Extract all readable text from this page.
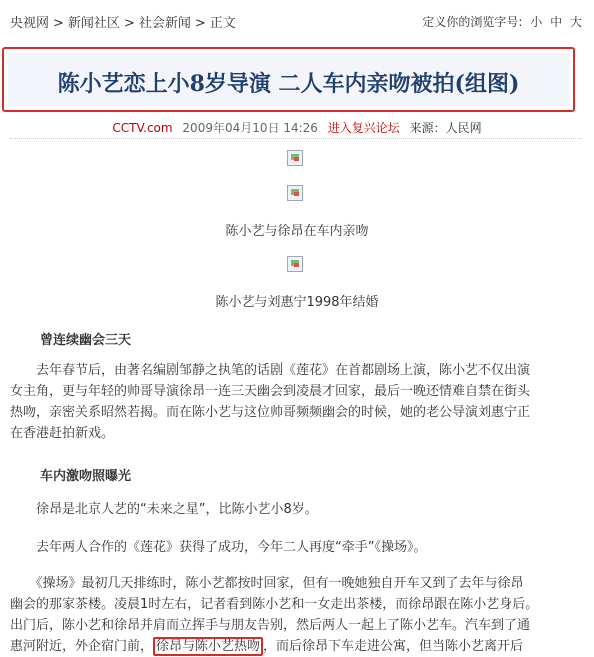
央视网 > 新闻社区 > 社会新闻 > 正文	定义你的浏览字号: 小 中 大
陈小艺恋上小8岁导演 二人车内亲吻被拍(组图)
CCTV.com 2009年04月10日 14:26 进入复兴论坛 来源：人民网
陈小艺与徐昂在车内亲吻
陈小艺与刘惠宁1998年结婚
曾连续幽会三天
　　去年春节后，由著名编剧邹静之执笔的话剧《莲花》在首都剧场上演，陈小艺不仅出演
女主角，更与年轻的帅哥导演徐昂一连三天幽会到凌晨才回家，最后一晚还情难自禁在街头
热吻，亲密关系昭然若揭。而在陈小艺与这位帅哥频频幽会的时候，她的老公导演刘惠宁正
在香港赶拍新戏。
车内激吻照曝光
　　徐昂是北京人艺的“未来之星”，比陈小艺小8岁。
　　去年两人合作的《莲花》获得了成功，今年二人再度“牵手”《操场》。
　　《操场》最初几天排练时，陈小艺都按时回家，但有一晚她独自开车又到了去年与徐昂
幽会的那家茶楼。凌晨1时左右，记者看到陈小艺和一女走出茶楼，而徐昂跟在陈小艺身后。
出门后，陈小艺和徐昂并肩而立挥手与朋友告别，然后两人一起上了陈小艺车。汽车到了通
惠河附近，外企宿门前， 徐昂与陈小艺热吻 ，而后徐昂下车走进公寓，但当陈小艺离开后
